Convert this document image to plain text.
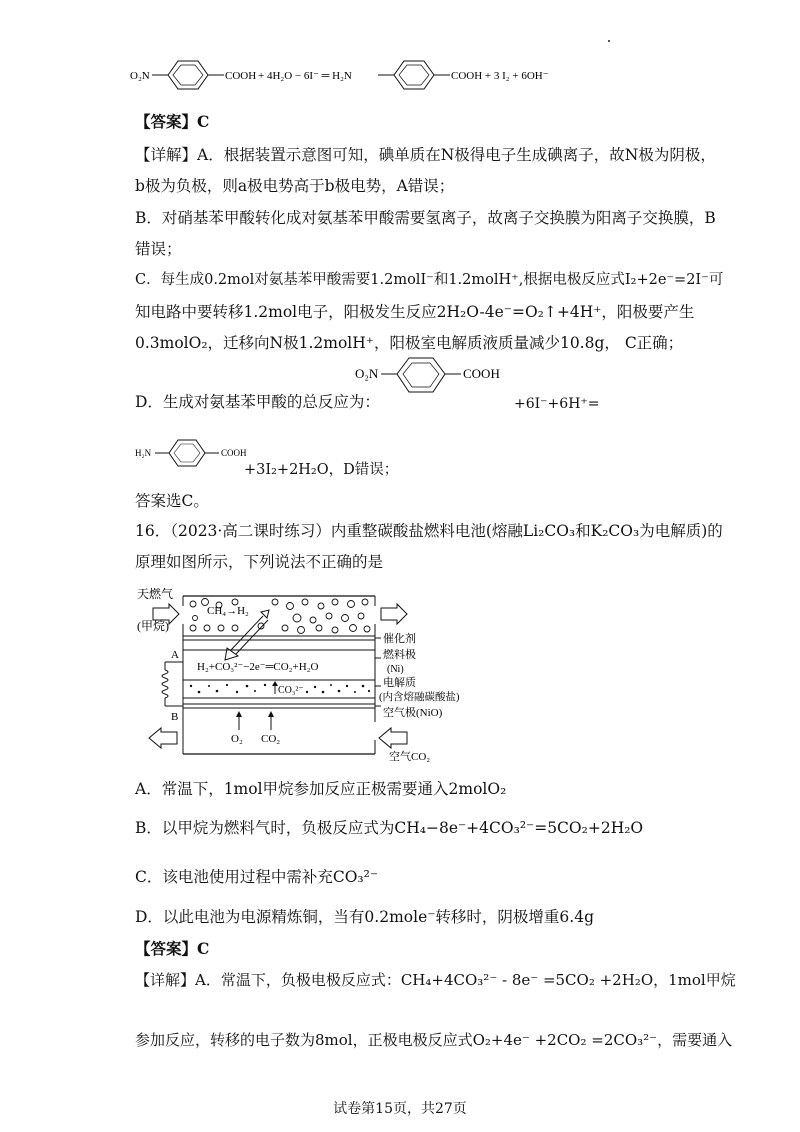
O₂N	COOH + 4H₂O − 6I⁻ ═ H₂N	COOH + 3 I₂ + 6OH⁻
【答案】C
【详解】A．根据装置示意图可知，碘单质在N极得电子生成碘离子，故N极为阴极，
b极为负极，则a极电势高于b极电势，A错误；
B．对硝基苯甲酸转化成对氨基苯甲酸需要氢离子，故离子交换膜为阳离子交换膜，B
错误；
C．每生成0.2mol对氨基苯甲酸需要1.2molI⁻和1.2molH⁺,根据电极反应式I₂+2e⁻=2I⁻可
知电路中要转移1.2mol电子，阳极发生反应2H₂O-4e⁻=O₂↑+4H⁺，阳极要产生
0.3molO₂，迁移向N极1.2molH⁺，阳极室电解质液质量减少10.8g， C正确；
O₂N	COOH
D．生成对氨基苯甲酸的总反应为：	+6I⁻+6H⁺=
H₂N	COOH
+3I₂+2H₂O，D错误；
答案选C。
16．（2023·高二课时练习）内重整碳酸盐燃料电池(熔融Li₂CO₃和K₂CO₃为电解质)的
原理如图所示，下列说法不正确的是
天燃气
(甲烷)
CH₄→H₂
催化剂
H₂+CO₃²⁻−2e⁻═CO₂+H₂O
燃料极
(Ni)
CO₃²⁻
电解质
(内含熔融碳酸盐)
空气极(NiO)
O₂ CO₂
空气CO₂
A
B
A．常温下，1mol甲烷参加反应正极需要通入2molO₂
B．以甲烷为燃料气时，负极反应式为CH₄−8e⁻+4CO₃²⁻=5CO₂+2H₂O
C．该电池使用过程中需补充CO₃²⁻
D．以此电池为电源精炼铜，当有0.2mole⁻转移时，阴极增重6.4g
【答案】C
【详解】A．常温下，负极电极反应式：CH₄+4CO₃²⁻ - 8e⁻ =5CO₂ +2H₂O，1mol甲烷
参加反应，转移的电子数为8mol，正极电极反应式O₂+4e⁻ +2CO₂ =2CO₃²⁻，需要通入
试卷第15页，共27页
